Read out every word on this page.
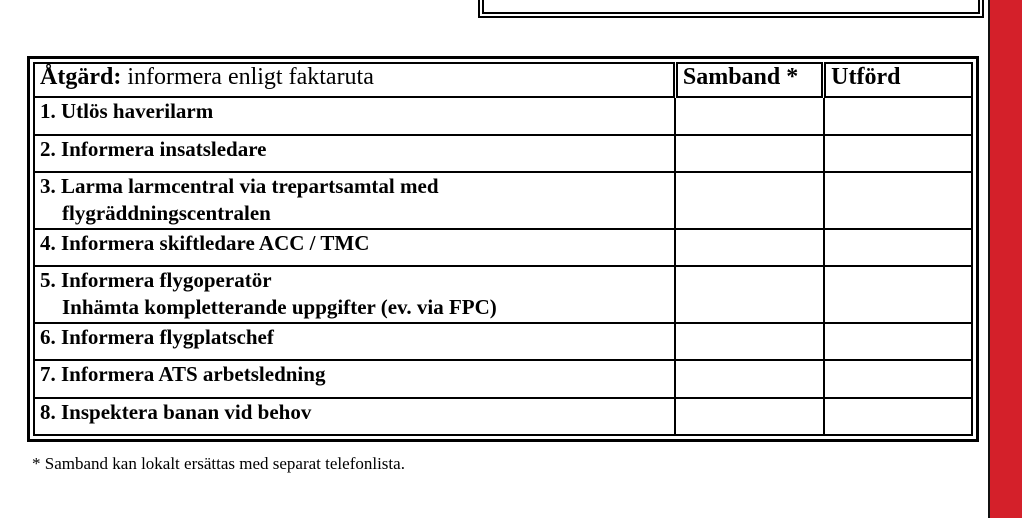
Åtgärd: informera enligt faktaruta	Samband *	Utförd
1. Utlös haverilarm		
2. Informera insatsledare		
3. Larma larmcentral via trepartsamtal med
flygräddningscentralen		

4. Informera skiftledare ACC / TMC		
5. Informera flygoperatör
Inhämta kompletterande uppgifter (ev. via FPC)		

6. Informera flygplatschef		
7. Informera ATS arbetsledning		
8. Inspektera banan vid behov		
* Samband kan lokalt ersättas med separat telefonlista.
